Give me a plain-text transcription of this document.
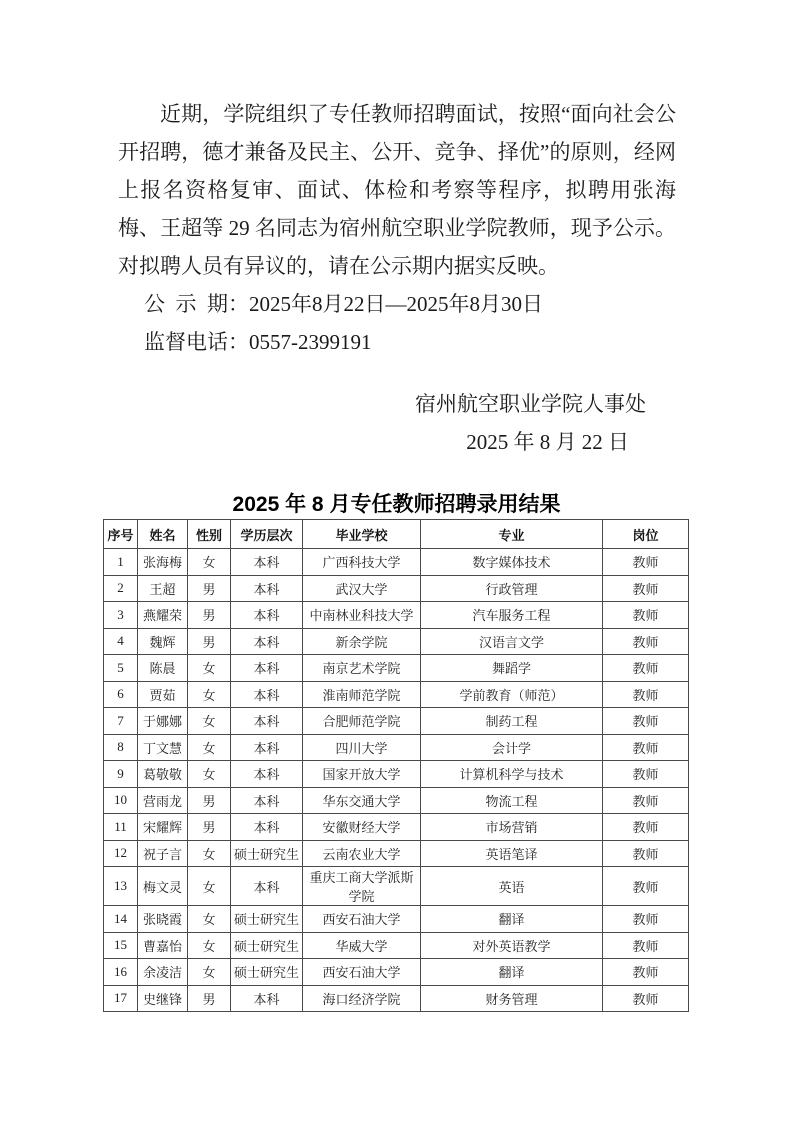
近期，学院组织了专任教师招聘面试，按照“面向社会公开招聘，德才兼备及民主、公开、竞争、择优”的原则，经网上报名资格复审、面试、体检和考察等程序，拟聘用张海梅、王超等 29 名同志为宿州航空职业学院教师，现予公示。对拟聘人员有异议的，请在公示期内据实反映。

公  示  期：2025年8月22日—2025年8月30日

监督电话：0557-2399191

宿州航空职业学院人事处

2025 年 8 月 22 日

2025 年 8 月专任教师招聘录用结果
序号	姓名	性别	学历层次	毕业学校	专业	岗位
1	张海梅	女	本科	广西科技大学	数字媒体技术	教师
2	王超	男	本科	武汉大学	行政管理	教师
3	燕耀荣	男	本科	中南林业科技大学	汽车服务工程	教师
4	魏辉	男	本科	新余学院	汉语言文学	教师
5	陈晨	女	本科	南京艺术学院	舞蹈学	教师
6	贾茹	女	本科	淮南师范学院	学前教育（师范）	教师
7	于娜娜	女	本科	合肥师范学院	制药工程	教师
8	丁文慧	女	本科	四川大学	会计学	教师
9	葛敬敬	女	本科	国家开放大学	计算机科学与技术	教师
10	营雨龙	男	本科	华东交通大学	物流工程	教师
11	宋耀辉	男	本科	安徽财经大学	市场营销	教师
12	祝子言	女	硕士研究生	云南农业大学	英语笔译	教师
13	梅文灵	女	本科	重庆工商大学派斯学院	英语	教师
14	张晓霞	女	硕士研究生	西安石油大学	翻译	教师
15	曹嘉怡	女	硕士研究生	华威大学	对外英语教学	教师
16	余凌洁	女	硕士研究生	西安石油大学	翻译	教师
17	史继锋	男	本科	海口经济学院	财务管理	教师
